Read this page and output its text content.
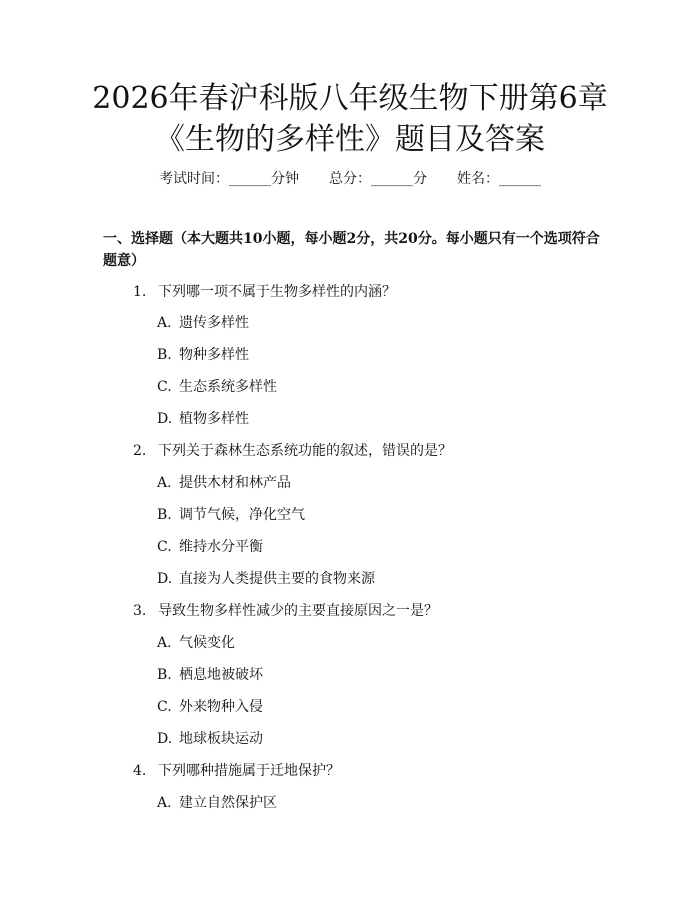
2026年春沪科版八年级生物下册第6章《生物的多样性》题目及答案
考试时间：______分钟 总分：______分 姓名：______

一、选择题（本大题共10小题，每小题2分，共20分。每小题只有一个选项符合题意）

1. 下列哪一项不属于生物多样性的内涵？
A. 遗传多样性
B. 物种多样性
C. 生态系统多样性
D. 植物多样性
2. 下列关于森林生态系统功能的叙述，错误的是？
A. 提供木材和林产品
B. 调节气候，净化空气
C. 维持水分平衡
D. 直接为人类提供主要的食物来源
3. 导致生物多样性减少的主要直接原因之一是？
A. 气候变化
B. 栖息地被破坏
C. 外来物种入侵
D. 地球板块运动
4. 下列哪种措施属于迁地保护？
A. 建立自然保护区
